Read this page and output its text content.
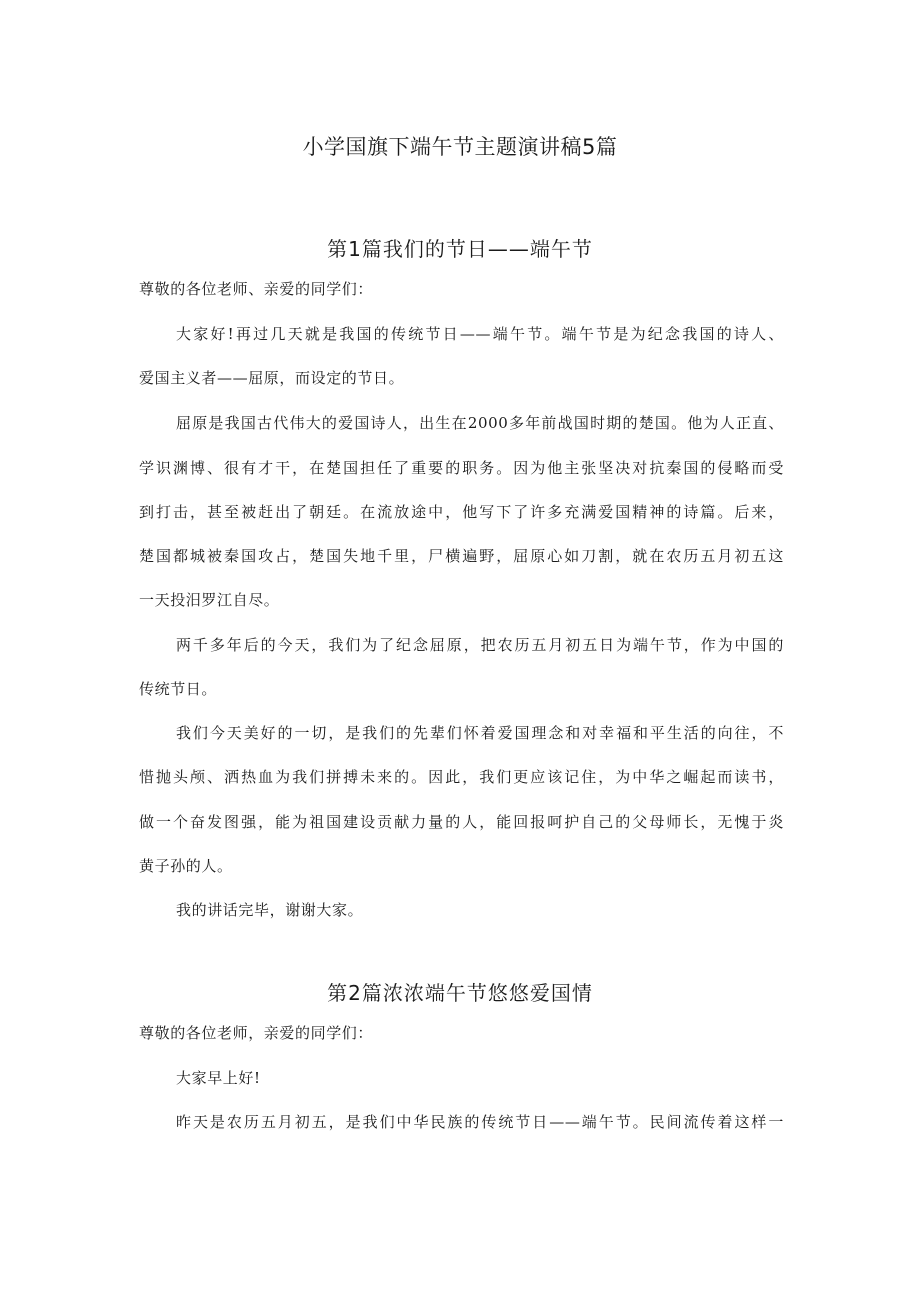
小学国旗下端午节主题演讲稿5篇
第1篇我们的节日——端午节

尊敬的各位老师、亲爱的同学们：

大家好!再过几天就是我国的传统节日——端午节。端午节是为纪念我国的诗人、

爱国主义者——屈原，而设定的节日。

屈原是我国古代伟大的爱国诗人，出生在2000多年前战国时期的楚国。他为人正直、

学识渊博、很有才干，在楚国担任了重要的职务。因为他主张坚决对抗秦国的侵略而受

到打击，甚至被赶出了朝廷。在流放途中，他写下了许多充满爱国精神的诗篇。后来，

楚国都城被秦国攻占，楚国失地千里，尸横遍野，屈原心如刀割，就在农历五月初五这

一天投汨罗江自尽。

两千多年后的今天，我们为了纪念屈原，把农历五月初五日为端午节，作为中国的

传统节日。

我们今天美好的一切，是我们的先辈们怀着爱国理念和对幸福和平生活的向往，不

惜抛头颅、洒热血为我们拼搏未来的。因此，我们更应该记住，为中华之崛起而读书，

做一个奋发图强，能为祖国建设贡献力量的人，能回报呵护自己的父母师长，无愧于炎

黄子孙的人。

我的讲话完毕，谢谢大家。

第2篇浓浓端午节悠悠爱国情

尊敬的各位老师，亲爱的同学们：

大家早上好!

昨天是农历五月初五，是我们中华民族的传统节日——端午节。民间流传着这样一
